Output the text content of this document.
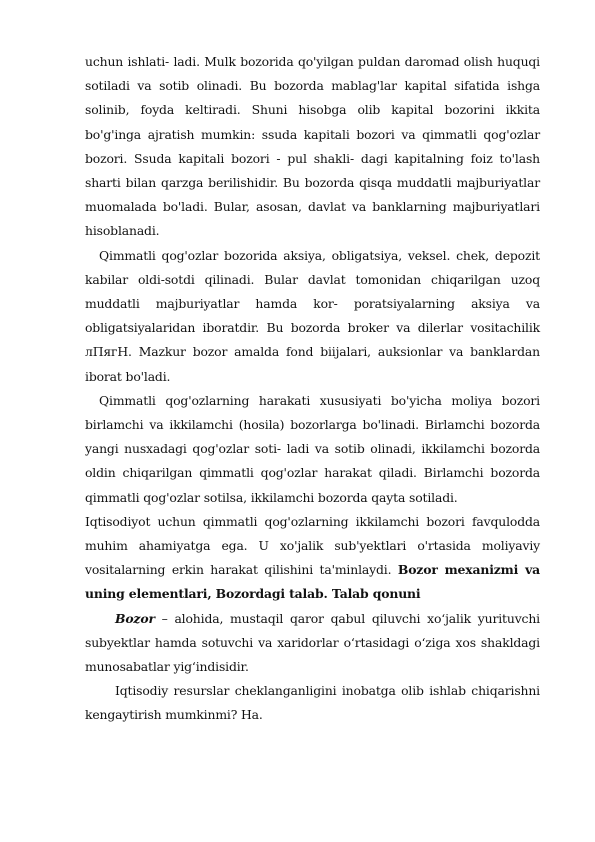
uchun ishlati- ladi. Mulk bozorida qo'yilgan puldan daromad olish huquqi sotiladi va sotib olinadi. Bu bozorda mablag'lar kapital sifatida ishga solinib, foyda keltiradi. Shuni hisobga olib kapital bozorini ikkita bo'g'inga ajratish mumkin: ssuda kapitali bozori va qimmatli qog'ozlar bozori. Ssuda kapitali bozori - pul shakli- dagi kapitalning foiz to'lash sharti bilan qarzga berilishidir. Bu bozorda qisqa muddatli majburiyatlar muomalada bo'ladi. Bular, asosan, davlat va banklarning majburiyatlari hisoblanadi.

Qimmatli qog'ozlar bozorida aksiya, obligatsiya, veksel. chek, depozit kabilar oldi-sotdi qilinadi. Bular davlat tomonidan chiqarilgan uzoq muddatli majburiyatlar hamda kor- poratsiyalarning aksiya va obligatsiyalaridan iboratdir. Bu bozorda broker va dilerlar vositachilik лПягН. Mazkur bozor amalda fond biijalari, auksionlar va banklardan iborat bo'ladi.

Qimmatli qog'ozlarning harakati xususiyati bo'yicha moliya bozori birlamchi va ikkilamchi (hosila) bozorlarga bo'linadi. Birlamchi bozorda yangi nusxadagi qog'ozlar soti- ladi va sotib olinadi, ikkilamchi bozorda oldin chiqarilgan qimmatli qog'ozlar harakat qiladi. Birlamchi bozorda qimmatli qog'ozlar sotilsa, ikkilamchi bozorda qayta sotiladi.

Iqtisodiyot uchun qimmatli qog'ozlarning ikkilamchi bozori favqulodda muhim ahamiyatga ega. U xo'jalik sub'yektlari o'rtasida moliyaviy vositalarning erkin harakat qilishini ta'minlaydi. Bozor mexanizmi va uning elementlari, Bozordagi talab. Talab qonuni

Bozor – alohida, mustaqil qaror qabul qiluvchi xo‘jalik yurituvchi subyektlar hamda sotuvchi va xaridorlar o‘rtasidagi o‘ziga xos shakldagi munosabatlar yig‘indisidir.

Iqtisodiy resurslar cheklanganligini inobatga olib ishlab chiqarishni kengaytirish mumkinmi? Ha.
